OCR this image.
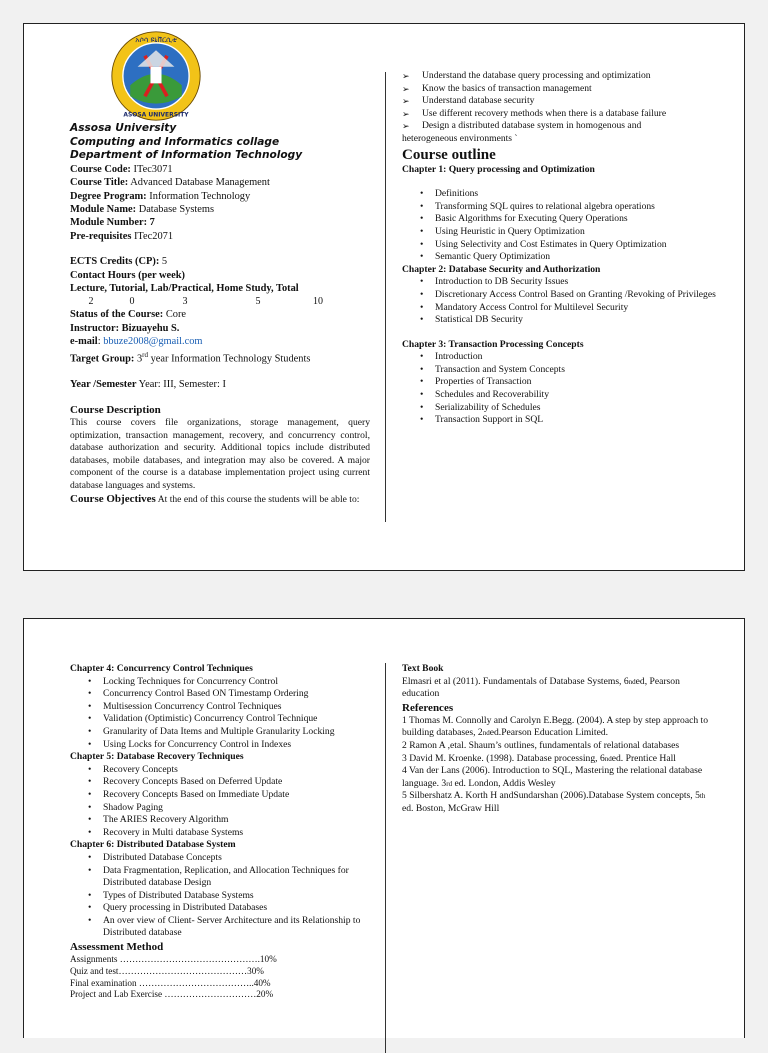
አሶሳ ዩኒቨርሲቲ
ASOSA UNIVERSITY
Assosa University
Computing and Informatics collage
Department of Information Technology
Course Code: ITec3071
Course Title: Advanced Database Management
Degree Program: Information Technology
Module Name: Database Systems
Module Number: 7
Pre-requisites ITec2071
ECTS Credits (CP): 5
Contact Hours (per week)
Lecture, Tutorial, Lab/Practical, Home Study, Total
2	0	3	5	10
Status of the Course: Core
Instructor: Bizuayehu S.
e-mail: bbuze2008@gmail.com
Target Group: 3rd year Information Technology Students
Year /Semester Year: III, Semester: I
Course Description
This course covers file organizations, storage management, query optimization, transaction management, recovery, and concurrency control, database authorization and security. Additional topics include distributed databases, mobile databases, and integration may also be covered. A major component of the course is a database implementation project using current database languages and systems.
Course Objectives At the end of this course the students will be able to:
➢ Understand the database query processing and optimization
➢ Know the basics of transaction management
➢ Understand database security
➢ Use different recovery methods when there is a database failure
➢ Design a distributed database system in homogenous and
heterogeneous environments `
Course outline
Chapter 1: Query processing and Optimization
• Definitions
• Transforming SQL quires to relational algebra operations
• Basic Algorithms for Executing Query Operations
• Using Heuristic in Query Optimization
• Using Selectivity and Cost Estimates in Query Optimization
• Semantic Query Optimization
Chapter 2: Database Security and Authorization
• Introduction to DB Security Issues
• Discretionary Access Control Based on Granting /Revoking of Privileges
• Mandatory Access Control for Multilevel Security
• Statistical DB Security
Chapter 3: Transaction Processing Concepts
• Introduction
• Transaction and System Concepts
• Properties of Transaction
• Schedules and Recoverability
• Serializability of Schedules
• Transaction Support in SQL
Chapter 4: Concurrency Control Techniques
• Locking Techniques for Concurrency Control
• Concurrency Control Based ON Timestamp Ordering
• Multisession Concurrency Control Techniques
• Validation (Optimistic) Concurrency Control Technique
• Granularity of Data Items and Multiple Granularity Locking
• Using Locks for Concurrency Control in Indexes
Chapter 5: Database Recovery Techniques
• Recovery Concepts
• Recovery Concepts Based on Deferred Update
• Recovery Concepts Based on Immediate Update
• Shadow Paging
• The ARIES Recovery Algorithm
• Recovery in Multi database Systems
Chapter 6: Distributed Database System
• Distributed Database Concepts
• Data Fragmentation, Replication, and Allocation Techniques for Distributed database Design
• Types of Distributed Database Systems
• Query processing in Distributed Databases
• An over view of Client- Server Architecture and its Relationship to Distributed database
Assessment Method
Assignments ……………………………………….10%
Quiz and test……………………………………30%
Final examination ………………………………..40%
Project and Lab Exercise …………………………20%
Text Book
Elmasri et al (2011). Fundamentals of Database Systems, 6nded, Pearson education
References
1 Thomas M. Connolly and Carolyn E.Begg. (2004). A step by step approach to building databases, 2nded.Pearson Education Limited.
2 Ramon A ,etal. Shaum’s outlines, fundamentals of relational databases
3 David M. Kroenke. (1998). Database processing, 6nded. Prentice Hall
4 Van der Lans (2006). Introduction to SQL, Mastering the relational database language. 3rd ed. London, Addis Wesley
5 Silbershatz A. Korth H andSundarshan (2006).Database System concepts, 5th ed. Boston, McGraw Hill
